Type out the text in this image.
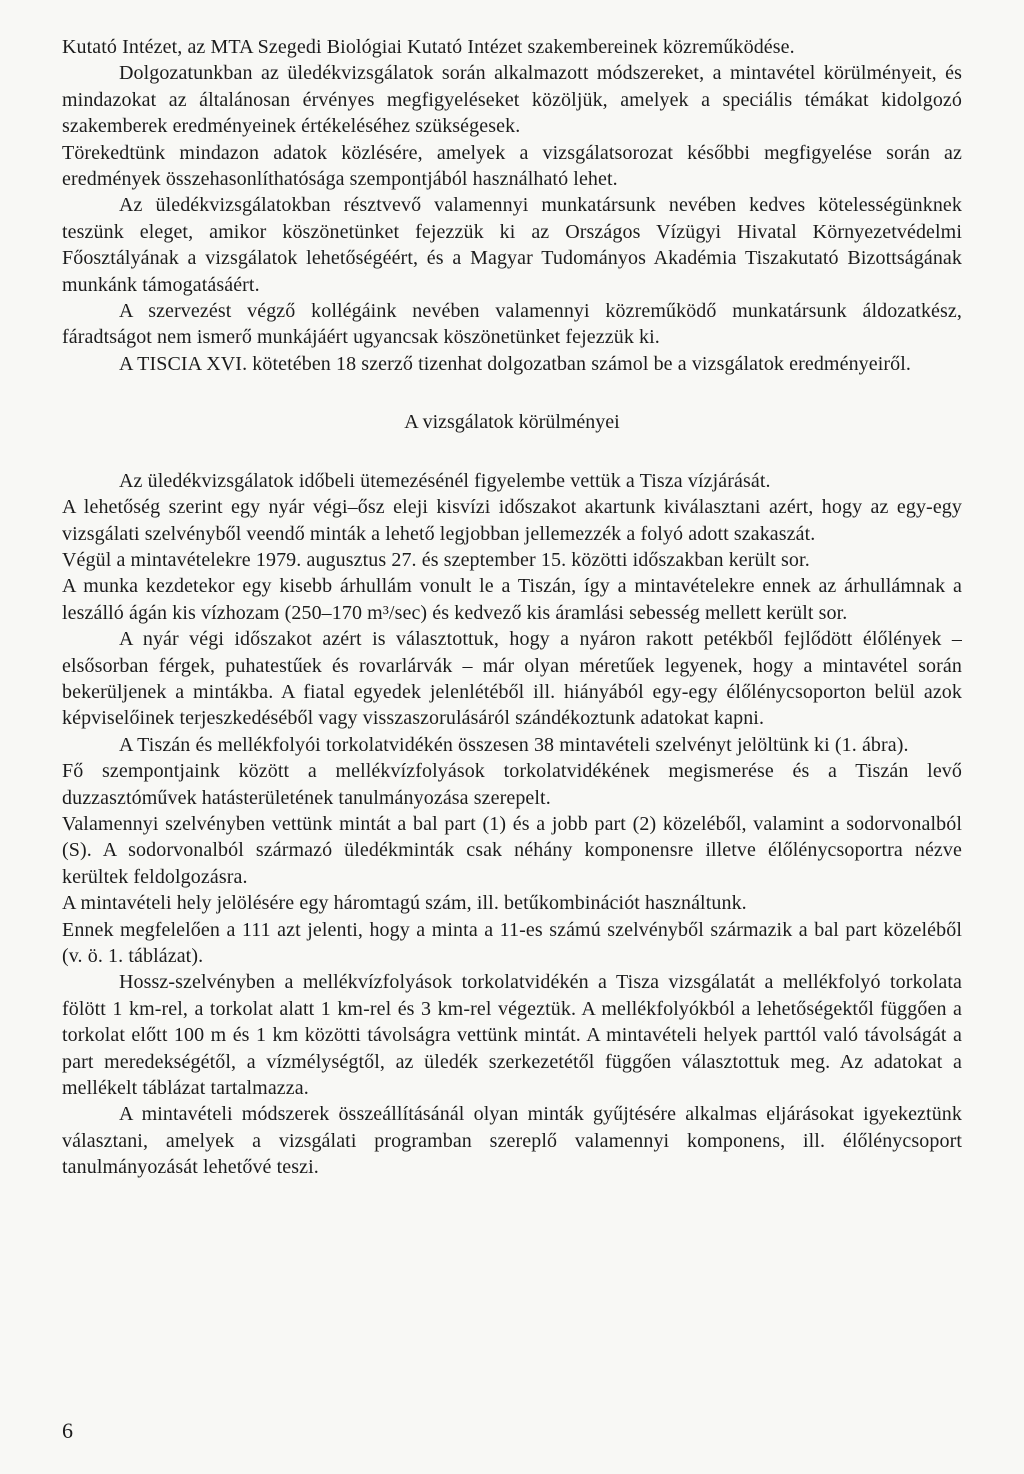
Kutató Intézet, az MTA Szegedi Biológiai Kutató Intézet szakembereinek közreműködése.

Dolgozatunkban az üledékvizsgálatok során alkalmazott módszereket, a mintavétel körülményeit, és mindazokat az általánosan érvényes megfigyeléseket közöljük, amelyek a speciális témákat kidolgozó szakemberek eredményeinek értékeléséhez szükségesek.

Törekedtünk mindazon adatok közlésére, amelyek a vizsgálatsorozat későbbi megfigyelése során az eredmények összehasonlíthatósága szempontjából használható lehet.

Az üledékvizsgálatokban résztvevő valamennyi munkatársunk nevében kedves kötelességünknek teszünk eleget, amikor köszönetünket fejezzük ki az Országos Vízügyi Hivatal Környezetvédelmi Főosztályának a vizsgálatok lehetőségéért, és a Magyar Tudományos Akadémia Tiszakutató Bizottságának munkánk támogatásáért.

A szervezést végző kollégáink nevében valamennyi közreműködő munkatársunk áldozatkész, fáradtságot nem ismerő munkájáért ugyancsak köszönetünket fejezzük ki.

A TISCIA XVI. kötetében 18 szerző tizenhat dolgozatban számol be a vizsgálatok eredményeiről.

A vizsgálatok körülményei

Az üledékvizsgálatok időbeli ütemezésénél figyelembe vettük a Tisza vízjárását.

A lehetőség szerint egy nyár végi–ősz eleji kisvízi időszakot akartunk kiválasztani azért, hogy az egy-egy vizsgálati szelvényből veendő minták a lehető legjobban jellemezzék a folyó adott szakaszát.

Végül a mintavételekre 1979. augusztus 27. és szeptember 15. közötti időszakban került sor.

A munka kezdetekor egy kisebb árhullám vonult le a Tiszán, így a mintavételekre ennek az árhullámnak a leszálló ágán kis vízhozam (250–170 m³/sec) és kedvező kis áramlási sebesség mellett került sor.

A nyár végi időszakot azért is választottuk, hogy a nyáron rakott petékből fejlődött élőlények – elsősorban férgek, puhatestűek és rovarlárvák – már olyan méretűek legyenek, hogy a mintavétel során bekerüljenek a mintákba. A fiatal egyedek jelenlétéből ill. hiányából egy-egy élőlénycsoporton belül azok képviselőinek terjeszkedéséből vagy visszaszorulásáról szándékoztunk adatokat kapni.

A Tiszán és mellékfolyói torkolatvidékén összesen 38 mintavételi szelvényt jelöltünk ki (1. ábra).

Fő szempontjaink között a mellékvízfolyások torkolatvidékének megismerése és a Tiszán levő duzzasztóművek hatásterületének tanulmányozása szerepelt.

Valamennyi szelvényben vettünk mintát a bal part (1) és a jobb part (2) közeléből, valamint a sodorvonalból (S). A sodorvonalból származó üledékminták csak néhány komponensre illetve élőlénycsoportra nézve kerültek feldolgozásra.

A mintavételi hely jelölésére egy háromtagú szám, ill. betűkombinációt használtunk.

Ennek megfelelően a 111 azt jelenti, hogy a minta a 11-es számú szelvényből származik a bal part közeléből (v. ö. 1. táblázat).

Hossz-szelvényben a mellékvízfolyások torkolatvidékén a Tisza vizsgálatát a mellékfolyó torkolata fölött 1 km-rel, a torkolat alatt 1 km-rel és 3 km-rel végeztük. A mellékfolyókból a lehetőségektől függően a torkolat előtt 100 m és 1 km közötti távolságra vettünk mintát. A mintavételi helyek parttól való távolságát a part meredekségétől, a vízmélységtől, az üledék szerkezetétől függően választottuk meg. Az adatokat a mellékelt táblázat tartalmazza.

A mintavételi módszerek összeállításánál olyan minták gyűjtésére alkalmas eljárásokat igyekeztünk választani, amelyek a vizsgálati programban szereplő valamennyi komponens, ill. élőlénycsoport tanulmányozását lehetővé teszi.

6
